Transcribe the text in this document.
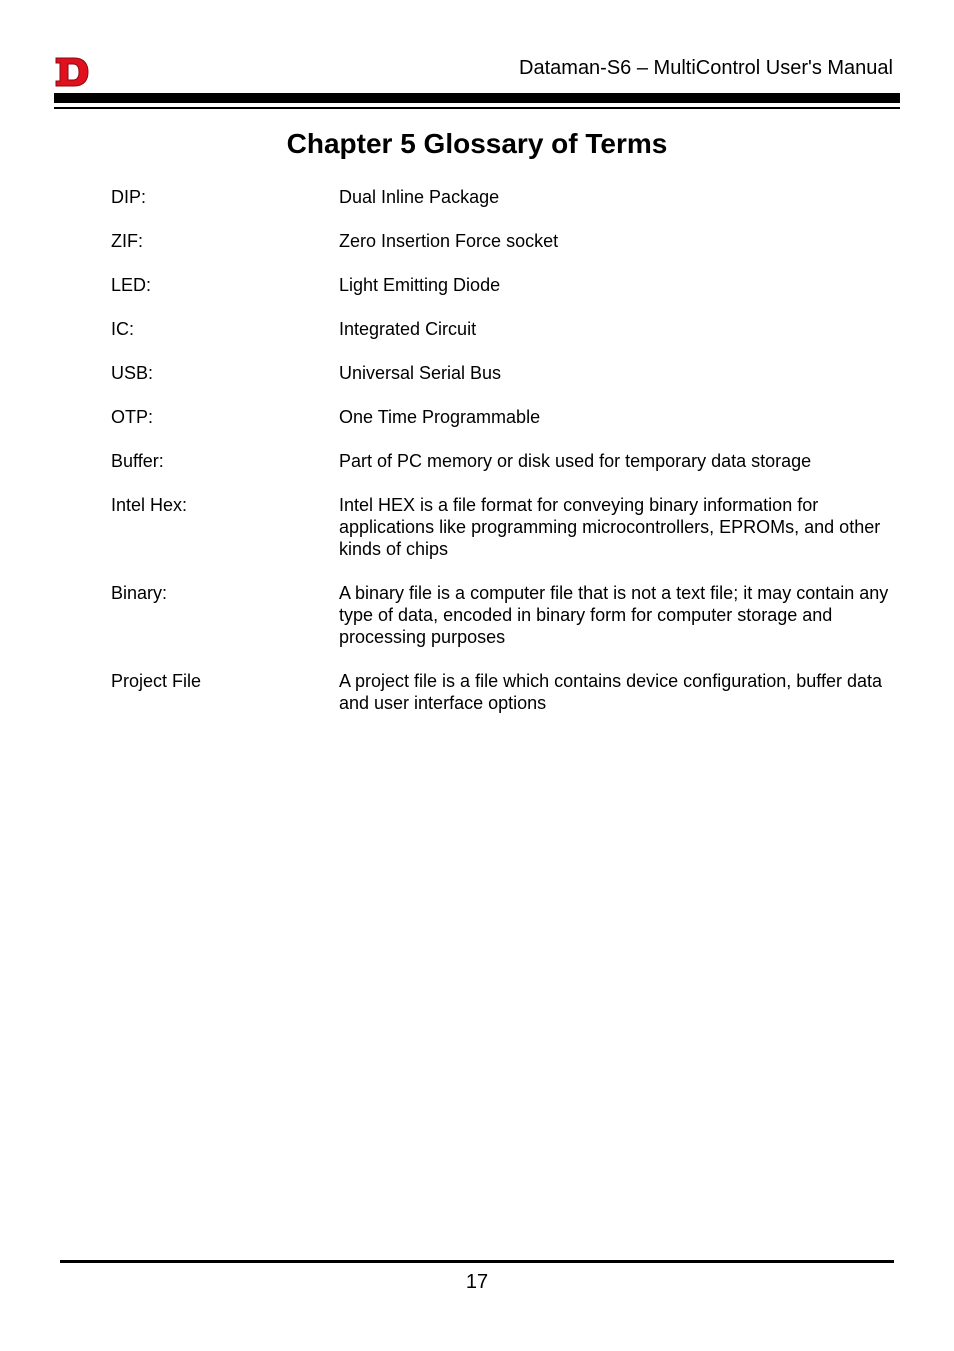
Dataman-S6 – MultiControl User's Manual
Chapter 5 Glossary of Terms
DIP:	Dual Inline Package
ZIF:	Zero Insertion Force socket
LED:	Light Emitting Diode
IC:	Integrated Circuit
USB:	Universal Serial Bus
OTP:	One Time Programmable
Buffer:	Part of PC memory or disk used for temporary data storage
Intel Hex:	Intel HEX is a file format for conveying binary information for applications like programming microcontrollers, EPROMs, and other kinds of chips
Binary:	A binary file is a computer file that is not a text file; it may contain any type of data, encoded in binary form for computer storage and processing purposes
Project File	A project file is a file which contains device configuration, buffer data and user interface options
17
